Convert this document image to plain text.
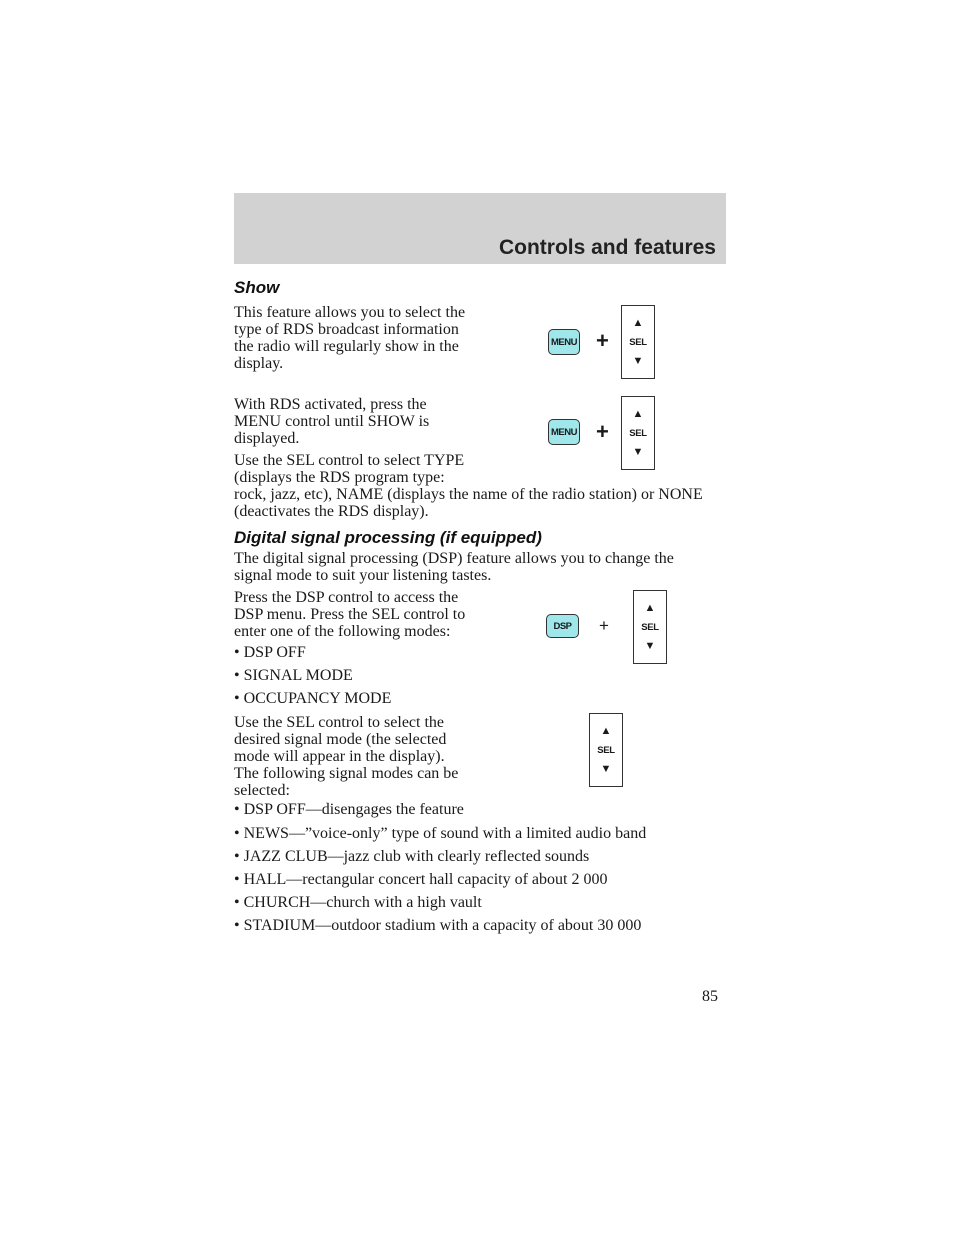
Controls and features
Show
This feature allows you to select the
type of RDS broadcast information
the radio will regularly show in the
display.
With RDS activated, press the
MENU control until SHOW is
displayed.
Use the SEL control to select TYPE
(displays the RDS program type:
rock, jazz, etc), NAME (displays the name of the radio station) or NONE
(deactivates the RDS display).
MENU +
▲
SEL
▼
MENU +
▲
SEL
▼
Digital signal processing (if equipped)
The digital signal processing (DSP) feature allows you to change the
signal mode to suit your listening tastes.
Press the DSP control to access the
DSP menu. Press the SEL control to
enter one of the following modes:
• DSP OFF
• SIGNAL MODE
• OCCUPANCY MODE
Use the SEL control to select the
desired signal mode (the selected
mode will appear in the display).
The following signal modes can be
selected:
• DSP OFF—disengages the feature
• NEWS—”voice-only” type of sound with a limited audio band
• JAZZ CLUB—jazz club with clearly reflected sounds
• HALL—rectangular concert hall capacity of about 2 000
• CHURCH—church with a high vault
• STADIUM—outdoor stadium with a capacity of about 30 000
DSP	+
▲
SEL
▼
▲
SEL
▼
85
